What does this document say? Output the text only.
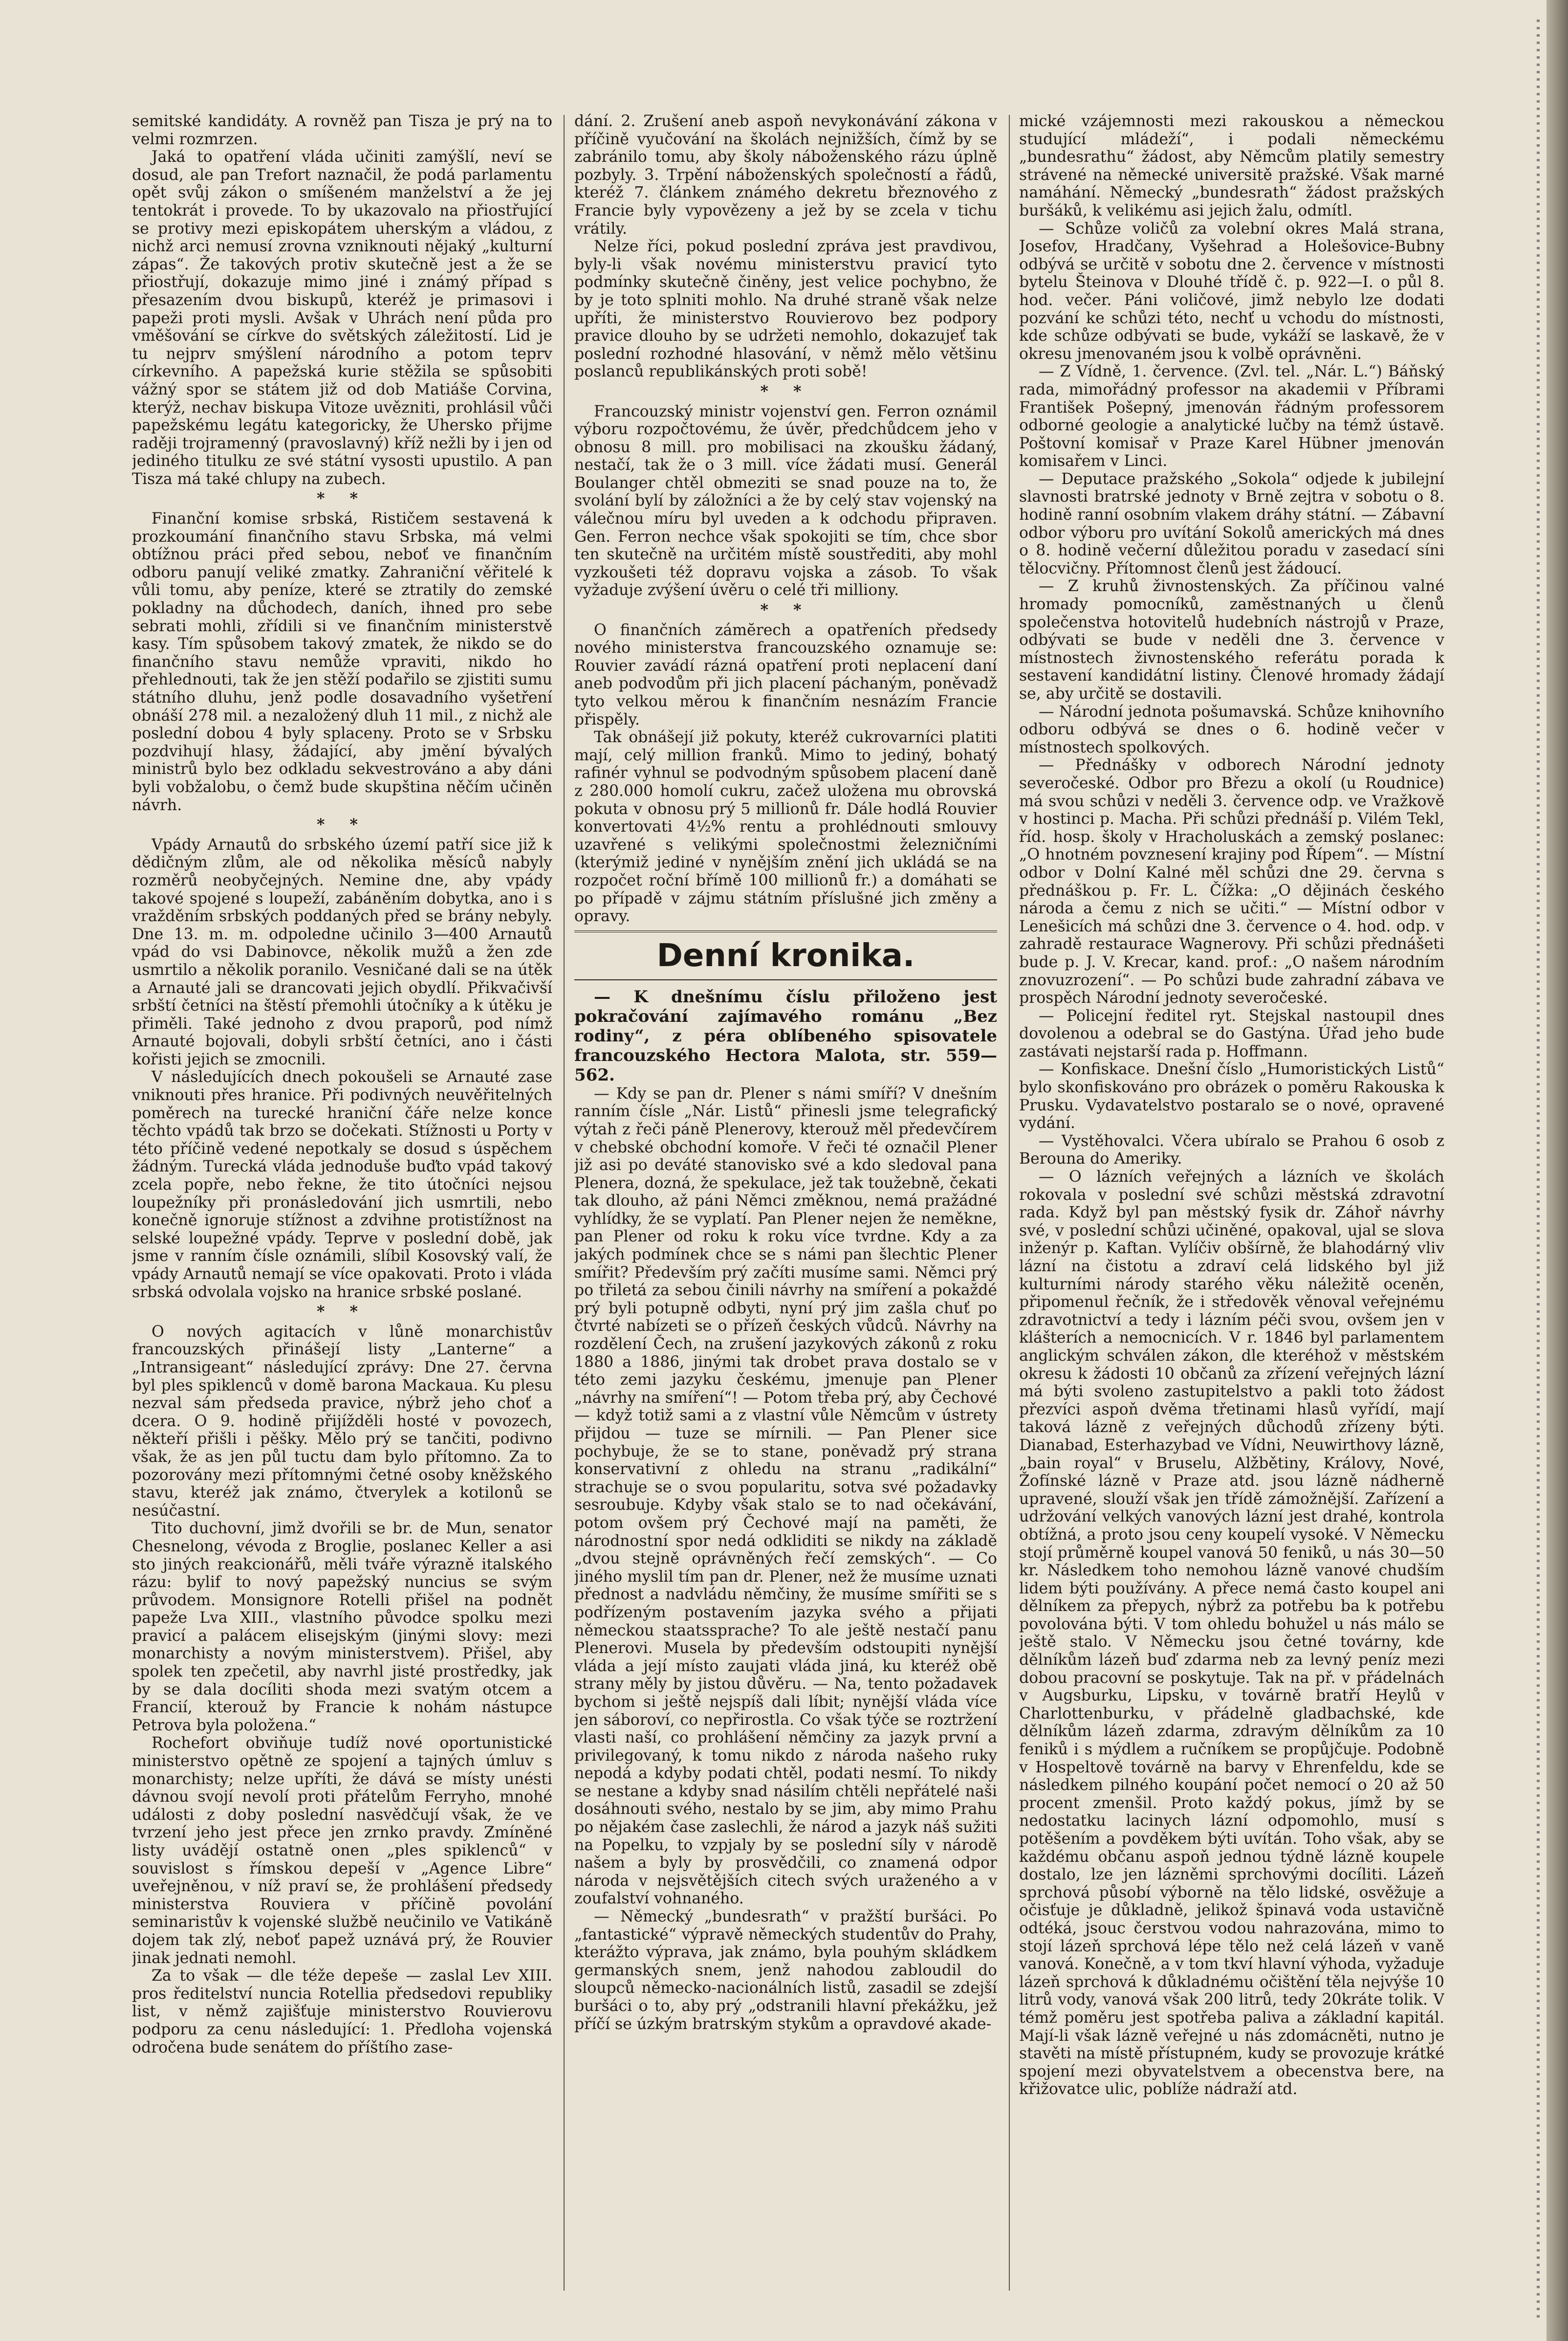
semitské kandidáty. A rovněž pan Tisza je prý na to velmi rozmrzen.

Jaká to opatření vláda učiniti zamýšlí, neví se dosud, ale pan Trefort naznačil, že podá parlamentu opět svůj zákon o smíšeném manželství a že jej tentokrát i provede. To by ukazovalo na přiostřující se protivy mezi episkopátem uherským a vládou, z nichž arci nemusí zrovna vzniknouti nějaký „kulturní zápas“. Že takových protiv skutečně jest a že se přiostřují, dokazuje mimo jiné i známý případ s přesazením dvou biskupů, kteréž je primasovi i papeži proti mysli. Avšak v Uhrách není půda pro vměšování se církve do světských záležitostí. Lid je tu nejprv smýšlení národního a potom teprv církevního. A papežská kurie stěžila se spůsobiti vážný spor se státem již od dob Matiáše Corvina, kterýž, nechav biskupa Vitoze uvězniti, prohlásil vůči papežskému legátu kategoricky, že Uhersko přijme raději trojramenný (pravoslavný) kříž nežli by i jen od jediného titulku ze své státní vysosti upustilo. A pan Tisza má také chlupy na zubech.

* *

Finanční komise srbská, Rističem sestavená k prozkoumání finančního stavu Srbska, má velmi obtížnou práci před sebou, neboť ve finančním odboru panují veliké zmatky. Zahraniční věřitelé k vůli tomu, aby peníze, které se ztratily do zemské pokladny na důchodech, daních, ihned pro sebe sebrati mohli, zřídili si ve finančním ministerstvě kasy. Tím spůsobem takový zmatek, že nikdo se do finančního stavu nemůže vpraviti, nikdo ho přehlednouti, tak že jen stěží podařilo se zjistiti sumu státního dluhu, jenž podle dosavadního vyšetření obnáší 278 mil. a nezaložený dluh 11 mil., z nichž ale poslední dobou 4 byly splaceny. Proto se v Srbsku pozdvihují hlasy, žádající, aby jmění bývalých ministrů bylo bez odkladu sekvestrováno a aby dáni byli vobžalobu, o čemž bude skupština něčím učiněn návrh.

* *

Vpády Arnautů do srbského území patří sice již k dědičným zlům, ale od několika měsíců nabyly rozměrů neobyčejných. Nemine dne, aby vpády takové spojené s loupeží, zabáněním dobytka, ano i s vražděním srbských poddaných před se brány nebyly. Dne 13. m. m. odpoledne učinilo 3—400 Arnautů vpád do vsi Dabinovce, několik mužů a žen zde usmrtilo a několik poranilo. Vesničané dali se na útěk a Arnauté jali se drancovati jejich obydlí. Přikvačivší srbští četníci na štěstí přemohli útočníky a k útěku je přiměli. Také jednoho z dvou praporů, pod nímž Arnauté bojovali, dobyli srbští četníci, ano i části kořisti jejich se zmocnili.

V následujících dnech pokoušeli se Arnauté zase vniknouti přes hranice. Při podivných neuvěřitelných poměrech na turecké hraniční čáře nelze konce těchto vpádů tak brzo se dočekati. Stížnosti u Porty v této příčině vedené nepotkaly se dosud s úspěchem žádným. Turecká vláda jednoduše buďto vpád takový zcela popře, nebo řekne, že tito útočníci nejsou loupežníky při pronásledování jich usmrtili, nebo konečně ignoruje stížnost a zdvihne protistížnost na selské loupežné vpády. Teprve v poslední době, jak jsme v ranním čísle oznámili, slíbil Kosovský valí, že vpády Arnautů nemají se více opakovati. Proto i vláda srbská odvolala vojsko na hranice srbské poslané.

* *

O nových agitacích v lůně monarchistův francouzských přinášejí listy „Lanterne“ a „Intransigeant“ následující zprávy: Dne 27. června byl ples spiklenců v domě barona Mackaua. Ku plesu nezval sám předseda pravice, nýbrž jeho choť a dcera. O 9. hodině přijížděli hosté v povozech, někteří přišli i pěšky. Mělo prý se tančiti, podivno však, že as jen půl tuctu dam bylo přítomno. Za to pozorovány mezi přítomnými četné osoby kněžského stavu, kteréž jak známo, čtverylek a kotilonů se nesúčastní.

Tito duchovní, jimž dvořili se br. de Mun, senator Chesnelong, vévoda z Broglie, poslanec Keller a asi sto jiných reakcionářů, měli tváře výrazně italského rázu: bylif to nový papežský nuncius se svým průvodem. Monsignore Rotelli přišel na podnět papeže Lva XIII., vlastního původce spolku mezi pravicí a palácem elisejským (jinými slovy: mezi monarchisty a novým ministerstvem). Přišel, aby spolek ten zpečetil, aby navrhl jisté prostředky, jak by se dala docíliti shoda mezi svatým otcem a Francií, kterouž by Francie k nohám nástupce Petrova byla položena.“

Rochefort obviňuje tudíž nové oportunistické ministerstvo opětně ze spojení a tajných úmluv s monarchisty; nelze upříti, že dává se místy unésti dávnou svojí nevolí proti přátelům Ferryho, mnohé události z doby poslední nasvědčují však, že ve tvrzení jeho jest přece jen zrnko pravdy. Zmíněné listy uvádějí ostatně onen „ples spiklenců“ v souvislost s římskou depeší v „Agence Libre“ uveřejněnou, v níž praví se, že prohlášení předsedy ministerstva Rouviera v příčině povolání seminaristův k vojenské službě neučinilo ve Vatikáně dojem tak zlý, neboť papež uznává prý, že Rouvier jinak jednati nemohl.

Za to však — dle téže depeše — zaslal Lev XIII. pros ředitelství nuncia Rotellia předsedovi republiky list, v němž zajišťuje ministerstvo Rouvierovu podporu za cenu následující: 1. Předloha vojenská odročena bude senátem do příštího zase-

dání. 2. Zrušení aneb aspoň nevykonávání zákona v příčině vyučování na školách nejnižších, čímž by se zabránilo tomu, aby školy náboženského rázu úplně pozbyly. 3. Trpění náboženských společností a řádů, kteréž 7. článkem známého dekretu březnového z Francie byly vypovězeny a jež by se zcela v tichu vrátily.

Nelze říci, pokud poslední zpráva jest pravdivou, byly-li však novému ministerstvu pravicí tyto podmínky skutečně činěny, jest velice pochybno, že by je toto splniti mohlo. Na druhé straně však nelze upříti, že ministerstvo Rouvierovo bez podpory pravice dlouho by se udržeti nemohlo, dokazujeť tak poslední rozhodné hlasování, v němž mělo většinu poslanců republikánských proti sobě!

* *

Francouzský ministr vojenství gen. Ferron oznámil výboru rozpočtovému, že úvěr, předchůdcem jeho v obnosu 8 mill. pro mobilisaci na zkoušku žádaný, nestačí, tak že o 3 mill. více žádati musí. Generál Boulanger chtěl obmeziti se snad pouze na to, že svolání bylí by záložníci a že by celý stav vojenský na válečnou míru byl uveden a k odchodu připraven. Gen. Ferron nechce však spokojiti se tím, chce sbor ten skutečně na určitém místě soustřediti, aby mohl vyzkoušeti též dopravu vojska a zásob. To však vyžaduje zvýšení úvěru o celé tři milliony.

* *

O finančních zámĕrech a opatřeních předsedy nového ministerstva francouzského oznamuje se: Rouvier zavádí rázná opatření proti neplacení daní aneb podvodům při jich placení páchaným, poněvadž tyto velkou měrou k finančním nesnázím Francie přispěly.

Tak obnášejí již pokuty, kteréž cukrovarníci platiti mají, celý million franků. Mimo to jediný, bohatý rafinér vyhnul se podvodným spůsobem placení daně z 280.000 homolí cukru, začež uložena mu obrovská pokuta v obnosu prý 5 millionů fr. Dále hodlá Rouvier konvertovati 4½% rentu a prohlédnouti smlouvy uzavřené s velikými společnostmi železničními (kterýmiž jediné v nynějším znění jich ukládá se na rozpočet roční břímě 100 millionů fr.) a domáhati se po případě v zájmu státním příslušné jich změny a opravy.

Denní kronika.

— K dnešnímu číslu přiloženo jest pokračování zajímavého románu „Bez rodiny“, z péra oblíbeného spisovatele francouzského Hectora Malota, str. 559—562.

— Kdy se pan dr. Plener s námi smíří? V dnešním ranním čísle „Nár. Listů“ přinesli jsme telegrafický výtah z řeči páně Plenerovy, kterouž měl předevčírem v chebské obchodní komoře. V řeči té označil Plener již asi po deváté stanovisko své a kdo sledoval pana Plenera, dozná, že spekulace, jež tak toužebně, čekati tak dlouho, až páni Němci změknou, nemá pražádné vyhlídky, že se vyplatí. Pan Plener nejen že neměkne, pan Plener od roku k roku více tvrdne. Kdy a za jakých podmínek chce se s námi pan šlechtic Plener smířit? Především prý začíti musíme sami. Němci prý po třiletá za sebou činili návrhy na smíření a pokaždé prý byli potupně odbyti, nyní prý jim zašla chuť po čtvrté nabízeti se o přízeň českých vůdců. Návrhy na rozdělení Čech, na zrušení jazykových zákonů z roku 1880 a 1886, jinými tak drobet prava dostalo se v této zemi jazyku českému, jmenuje pan Plener „návrhy na smíření“! — Potom třeba prý, aby Čechové — když totiž sami a z vlastní vůle Němcům v ústrety přijdou — tuze se mírnili. — Pan Plener sice pochybuje, že se to stane, poněvadž prý strana konservativní z ohledu na stranu „radikální“ strachuje se o svou popularitu, sotva své požadavky sesroubuje. Kdyby však stalo se to nad očekávání, potom ovšem prý Čechové mají na paměti, že národnostní spor nedá odkliditi se nikdy na základě „dvou stejně oprávněných řečí zemských“. — Co jiného myslil tím pan dr. Plener, než že musíme uznati přednost a nadvládu němčiny, že musíme smířiti se s podřízeným postavením jazyka svého a přijati německou staatssprache? To ale ještě nestačí panu Plenerovi. Musela by především odstoupiti nynější vláda a její místo zaujati vláda jiná, ku kteréž obě strany měly by jistou důvěru. — Na, tento požadavek bychom si ještě nejspíš dali líbit; nynější vláda více jen sáboroví, co nepřirostla. Co však týče se roztržení vlasti naší, co prohlášení němčiny za jazyk první a privilegovaný, k tomu nikdo z národa našeho ruky nepodá a kdyby podati chtěl, podati nesmí. To nikdy se nestane a kdyby snad násilím chtěli nepřátelé naši dosáhnouti svého, nestalo by se jim, aby mimo Prahu po nějakém čase zaslechli, že národ a jazyk náš sužiti na Popelku, to vzpjaly by se poslední síly v národě našem a byly by prosvědčili, co znamená odpor národa v nejsvětějších citech svých uraženého a v zoufalství vohnaného.

— Německý „bundesrath“ v pražští buršáci. Po „fantastické“ výpravě německých studentův do Prahy, kterážto výprava, jak známo, byla pouhým skládkem germanských snem, jenž nahodou zabloudil do sloupců německo-nacionálních listů, zasadil se zdejší buršáci o to, aby prý „odstranili hlavní překážku, jež příčí se úzkým bratrským stykům a opravdové akade-

mické vzájemnosti mezi rakouskou a německou studující mládeží“, i podali německému „bundesrathu“ žádost, aby Němcům platily semestry strávené na německé universitě pražské. Však marné namáhání. Německý „bundesrath“ žádost pražských buršáků, k velikému asi jejich žalu, odmítl.

— Schůze voličů za volební okres Malá strana, Josefov, Hradčany, Vyšehrad a Holešovice-Bubny odbývá se určitě v sobotu dne 2. července v místnosti bytelu Šteinova v Dlouhé třídě č. p. 922—I. o půl 8. hod. večer. Páni voličové, jimž nebylo lze dodati pozvání ke schůzi této, nechť u vchodu do místnosti, kde schůze odbývati se bude, vykáží se laskavě, že v okresu jmenovaném jsou k volbě oprávněni.

— Z Vídně, 1. července. (Zvl. tel. „Nár. L.“) Báňský rada, mimořádný professor na akademii v Příbrami František Pošepný, jmenován řádným professorem odborné geologie a analytické lučby na témž ústavě. Poštovní komisař v Praze Karel Hübner jmenován komisařem v Linci.

— Deputace pražského „Sokola“ odjede k jubilejní slavnosti bratrské jednoty v Brně zejtra v sobotu o 8. hodině ranní osobním vlakem dráhy státní. — Zábavní odbor výboru pro uvítání Sokolů amerických má dnes o 8. hodině večerní důležitou poradu v zasedací síni tělocvičny. Přítomnost členů jest žádoucí.

— Z kruhů živnostenských. Za příčinou valné hromady pomocníků, zaměstnaných u členů společenstva hotovitelů hudebních nástrojů v Praze, odbývati se bude v neděli dne 3. července v místnostech živnostenského referátu porada k sestavení kandidátní listiny. Členové hromady žádají se, aby určitě se dostavili.

— Národní jednota pošumavská. Schůze knihovního odboru odbývá se dnes o 6. hodině večer v místnostech spolkových.

— Přednášky v odborech Národní jednoty severočeské. Odbor pro Březu a okolí (u Roudnice) má svou schůzi v neděli 3. července odp. ve Vražkově v hostinci p. Macha. Při schůzi přednáší p. Vilém Tekl, říd. hosp. školy v Hracholuskách a zemský poslanec: „O hnotném povznesení krajiny pod Řípem“. — Místní odbor v Dolní Kalné měl schůzi dne 29. června s přednáškou p. Fr. L. Čížka: „O dějinách českého národa a čemu z nich se učiti.“ — Místní odbor v Lenešicích má schůzi dne 3. července o 4. hod. odp. v zahradě restaurace Wagnerovy. Při schůzi přednášeti bude p. J. V. Krecar, kand. prof.: „O našem národním znovuzrození“. — Po schůzi bude zahradní zábava ve prospěch Národní jednoty severočeské.

— Policejní ředitel ryt. Stejskal nastoupil dnes dovolenou a odebral se do Gastýna. Úřad jeho bude zastávati nejstarší rada p. Hoffmann.

— Konfiskace. Dnešní číslo „Humoristických Listů“ bylo skonfiskováno pro obrázek o poměru Rakouska k Prusku. Vydavatelstvo postaralo se o nové, opravené vydání.

— Vystěhovalci. Včera ubíralo se Prahou 6 osob z Berouna do Ameriky.

— O lázních veřejných a lázních ve školách rokovala v poslední své schůzi městská zdravotní rada. Když byl pan městský fysik dr. Záhoř návrhy své, v poslední schůzi učiněné, opakoval, ujal se slova inženýr p. Kaftan. Vylíčiv obšírně, že blahodárný vliv lázní na čistotu a zdraví celá lidského byl již kulturními národy starého věku náležitě oceněn, připomenul řečník, že i středověk věnoval veřejnému zdravotnictví a tedy i lázním péči svou, ovšem jen v klášterích a nemocnicích. V r. 1846 byl parlamentem anglickým schválen zákon, dle kteréhož v městském okresu k žádosti 10 občanů za zřízení veřejných lázní má býti svoleno zastupitelstvo a pakli toto žádost přezvíci aspoň dvěma třetinami hlasů vyřídí, mají taková lázně z veřejných důchodů zřízeny býti. Dianabad, Esterhazybad ve Vídni, Neuwirthovy lázně, „bain royal“ v Bruselu, Alžbětiny, Královy, Nové, Žofínské lázně v Praze atd. jsou lázně nádherně upravené, slouží však jen třídě zámožnější. Zařízení a udržování velkých vanových lázní jest drahé, kontrola obtížná, a proto jsou ceny koupelí vysoké. V Německu stojí průměrně koupel vanová 50 feniků, u nás 30—50 kr. Následkem toho nemohou lázně vanové chudším lidem býti používány. A přece nemá často koupel ani dělníkem za přepych, nýbrž za potřebu ba k potřebu povolována býti. V tom ohledu bohužel u nás málo se ještě stalo. V Německu jsou četné továrny, kde dělníkům lázeň buď zdarma neb za levný peníz mezi dobou pracovní se poskytuje. Tak na př. v přádelnách v Augsburku, Lipsku, v továrně bratří Heylů v Charlottenburku, v přádelně gladbachské, kde dělníkům lázeň zdarma, zdravým dělníkům za 10 feniků i s mýdlem a ručníkem se propůjčuje. Podobně v Hospeltově továrně na barvy v Ehrenfeldu, kde se následkem pilného koupání počet nemocí o 20 až 50 procent zmenšil. Proto každý pokus, jímž by se nedostatku lacinych lázní odpomohlo, musí s potěšením a povděkem býti uvítán. Toho však, aby se každému občanu aspoň jednou týdně lázně koupele dostalo, lze jen lázněmi sprchovými docíliti. Lázeň sprchová působí výborně na tělo lidské, osvěžuje a očisťuje je důkladně, jelikož špinavá voda ustavičně odtéká, jsouc čerstvou vodou nahrazována, mimo to stojí lázeň sprchová lépe tělo než celá lázeň v vaně vanová. Konečně, a v tom tkví hlavní výhoda, vyžaduje lázeň sprchová k důkladnému očištění těla nejvýše 10 litrů vody, vanová však 200 litrů, tedy 20kráte tolik. V témž poměru jest spotřeba paliva a základní kapitál. Mají-li však lázně veřejné u nás zdomácněti, nutno je stavěti na místě přístupném, kudy se provozuje krátké spojení mezi obyvatelstvem a obecenstva bere, na křižovatce ulic, poblíže nádraží atd.
